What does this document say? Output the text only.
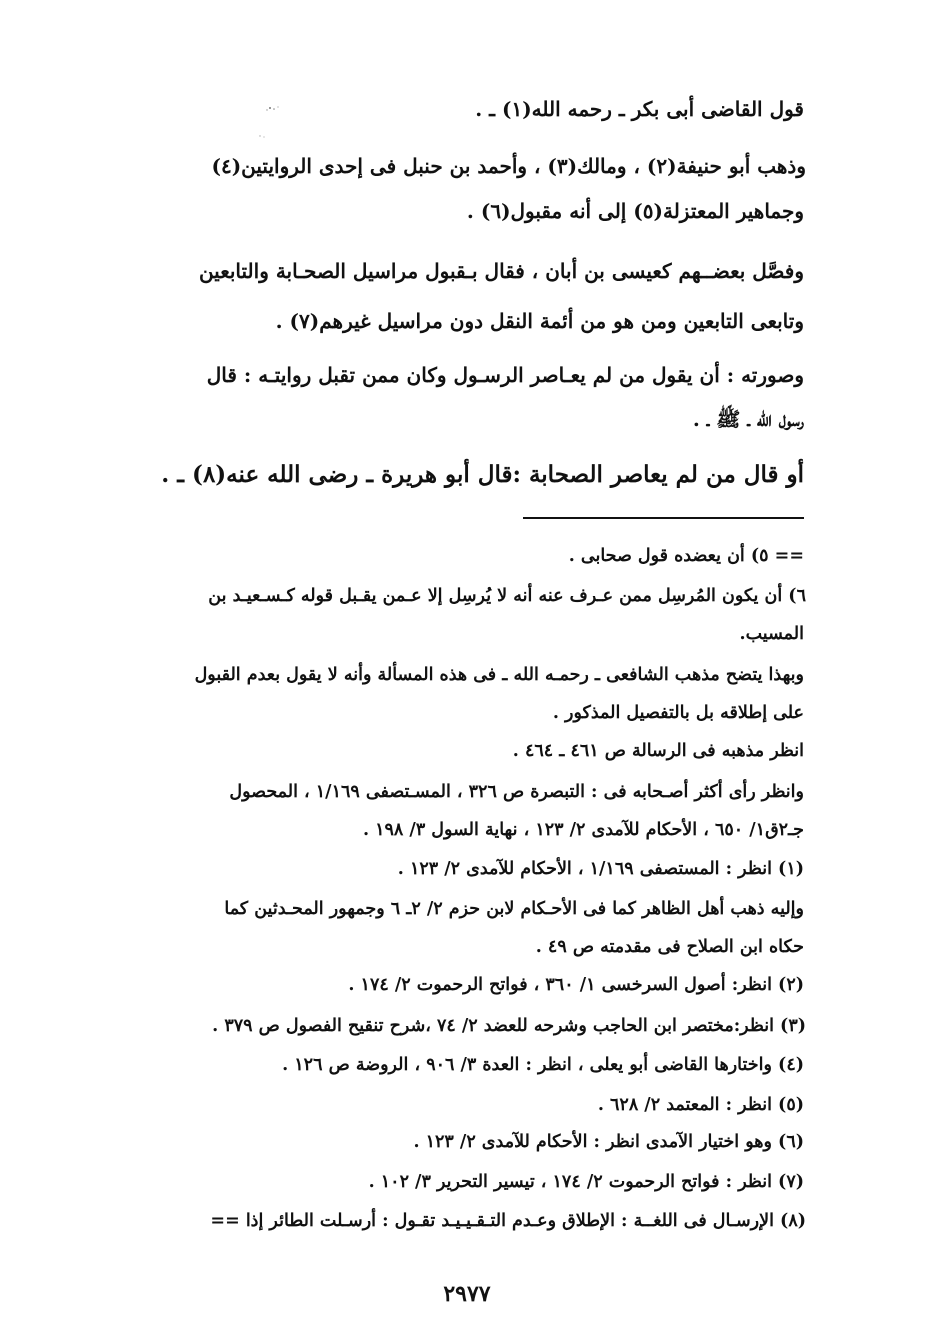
قول القاضى أبى بكر ـ رحمه الله(١) ـ .
وذهب أبو حنيفة(٢) ، ومالك(٣) ، وأحمد بن حنبل فى إحدى الروايتين(٤)
وجماهير المعتزلة(٥) إلى أنه مقبول(٦) .
وفصَّل بعضــهم كعيسى بن أبان ، فقال بـقبول مراسيل الصحـابة والتابعين
وتابعى التابعين ومن هو من أئمة النقل دون مراسيل غيرهم(٧) .
وصورته : أن يقول من لم يعـاصر الرسـول وكان ممن تقبل روايتـه : قال
رسول الله ـ ﷺ ـ .
أو قال من لم يعاصر الصحابة :قال أبو هريرة ـ رضى الله عنه(٨) ـ .
== ٥) أن يعضده قول صحابى .
٦) أن يكون المُرسِل ممن عـرف عنه أنه لا يُرسِل إلا عـمن يقـبل قوله كـسـعيـد بن
المسيب.
وبهذا يتضح مذهب الشافعى ـ رحمـه الله ـ فى هذه المسألة وأنه لا يقول بعدم القبول
على إطلاقه بل بالتفصيل المذكور .
انظر مذهبه فى الرسالة ص ٤٦١ ـ ٤٦٤ .
وانظر رأى أكثر أصـحابه فى : التبصرة ص ٣٢٦ ، المسـتصفى ١/١٦٩ ، المحصول
جـ٢ق١/ ٦٥٠ ، الأحكام للآمدى ٢/ ١٢٣ ، نهاية السول ٣/ ١٩٨ .
(١) انظر : المستصفى ١/١٦٩ ، الأحكام للآمدى ٢/ ١٢٣ .
وإليه ذهب أهل الظاهر كما فى الأحـكام لابن حزم ٢/ ٢ـ ٦ وجمهور المحـدثين كما
حكاه ابن الصلاح فى مقدمته ص ٤٩ .
(٢) انظر: أصول السرخسى ١/ ٣٦٠ ، فواتح الرحموت ٢/ ١٧٤ .
(٣) انظر:مختصر ابن الحاجب وشرحه للعضد ٢/ ٧٤ ،شرح تنقيح الفصول ص ٣٧٩ .
(٤) واختارها القاضى أبو يعلى ، انظر : العدة ٣/ ٩٠٦ ، الروضة ص ١٢٦ .
(٥) انظر : المعتمد ٢/ ٦٢٨ .
(٦) وهو اختيار الآمدى انظر : الأحكام للآمدى ٢/ ١٢٣ .
(٧) انظر : فواتح الرحموت ٢/ ١٧٤ ، تيسير التحرير ٣/ ١٠٢ .
(٨) الإرسـال فى اللغــة : الإطلاق وعـدم التـقـيـيـد تقـول : أرسـلت الطائر إذا ==
٢٩٧٧
